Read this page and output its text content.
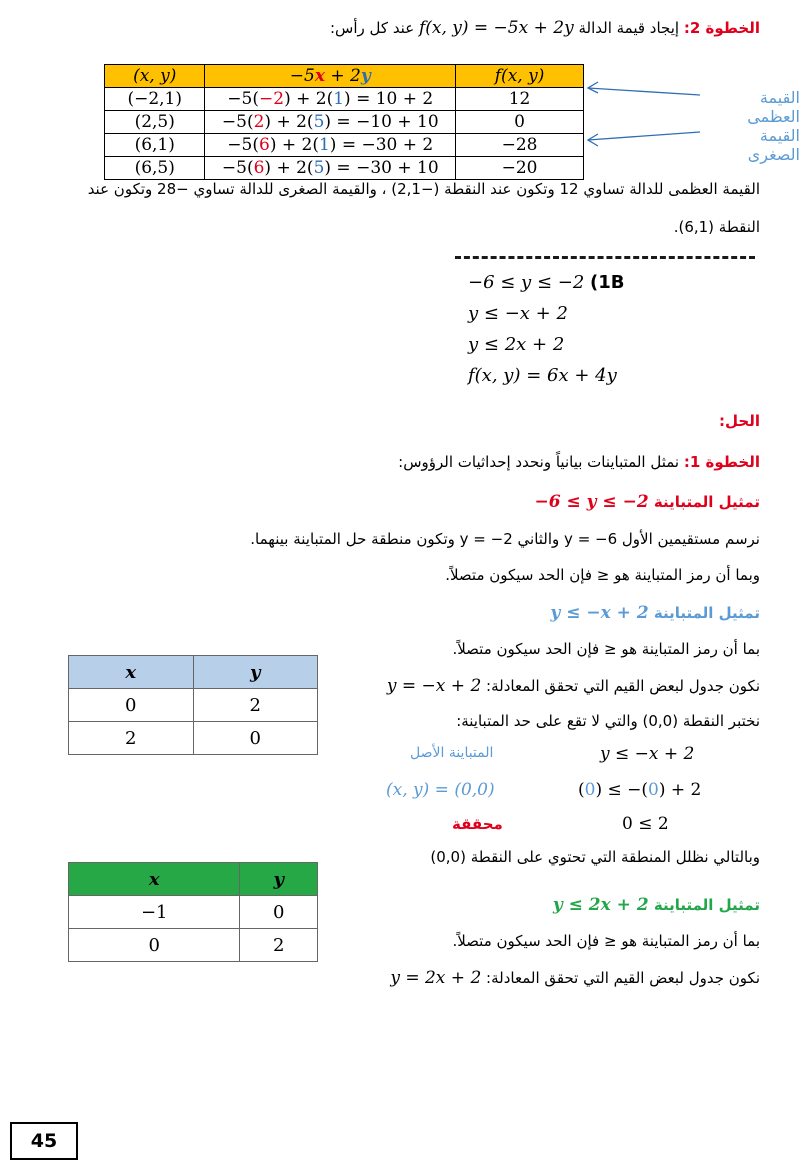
الخطوة 2: إيجاد قيمة الدالة f(x, y) = −5x + 2y عند كل رأس:
(x, y)	−5x + 2y	f(x, y)
(−2,1)	−5(−2) + 2(1) = 10 + 2	12
(2,5)	−5(2) + 2(5) = −10 + 10	0
(6,1)	−5(6) + 2(1) = −30 + 2	−28
(6,5)	−5(6) + 2(5) = −30 + 10	−20
القيمة العظمى
القيمة الصغرى
القيمة العظمى للدالة تساوي 12 وتكون عند النقطة (−2,1) ، والقيمة الصغرى للدالة تساوي −28 وتكون عند
النقطة (6,1).
−6 ≤ y ≤ −2 (1B
y ≤ −x + 2
y ≤ 2x + 2
f(x, y) = 6x + 4y
الحل:
الخطوة 1: نمثل المتباينات بيانياً ونحدد إحداثيات الرؤوس:
تمثيل المتباينة −6 ≤ y ≤ −2
نرسم مستقيمين الأول y = −6 والثاني y = −2 وتكون منطقة حل المتباينة بينهما.
وبما أن رمز المتباينة هو ≤ فإن الحد سيكون متصلاً.
تمثيل المتباينة y ≤ −x + 2
بما أن رمز المتباينة هو ≤ فإن الحد سيكون متصلاً.
نكون جدول لبعض القيم التي تحقق المعادلة: y = −x + 2
نختبر النقطة (0,0) والتي لا تقع على حد المتباينة:
المتباينة الأصل	y ≤ −x + 2
(x, y) = (0,0)	(0) ≤ −(0) + 2
محققة	0 ≤ 2
وبالتالي نظلل المنطقة التي تحتوي على النقطة (0,0)
x	y
0	2
2	0
تمثيل المتباينة y ≤ 2x + 2
بما أن رمز المتباينة هو ≤ فإن الحد سيكون متصلاً.
نكون جدول لبعض القيم التي تحقق المعادلة: y = 2x + 2
x	y
−1	0
0	2
45
